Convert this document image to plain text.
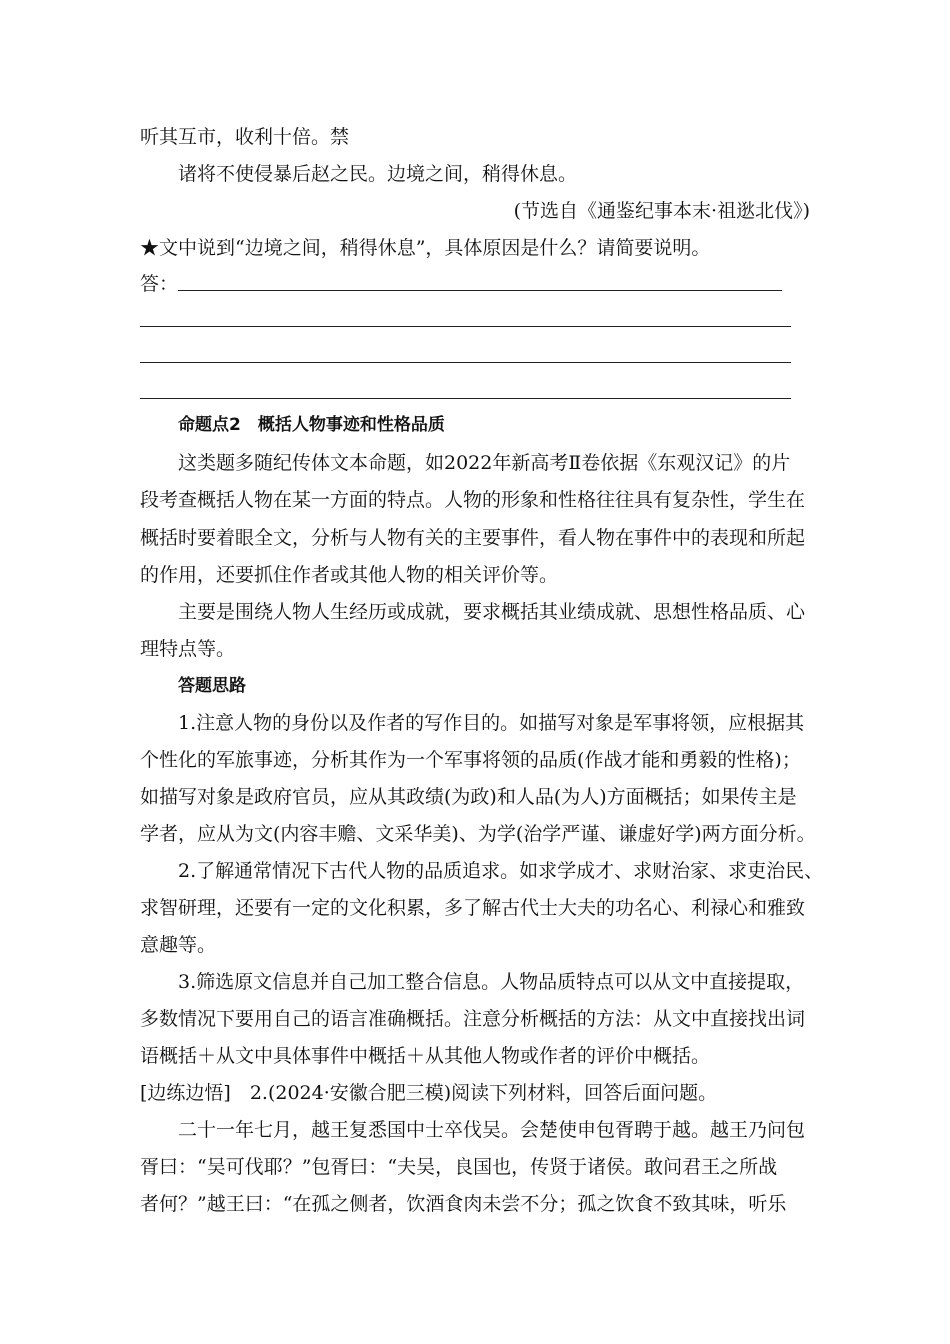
听其互市，收利十倍。禁
诸将不使侵暴后赵之民。边境之间，稍得休息。
(节选自《通鉴纪事本末·祖逖北伐》)
★文中说到“边境之间，稍得休息”，具体原因是什么？请简要说明。
答：
命题点2　概括人物事迹和性格品质
这类题多随纪传体文本命题，如2022年新高考Ⅱ卷依据《东观汉记》的片
段考查概括人物在某一方面的特点。人物的形象和性格往往具有复杂性，学生在
概括时要着眼全文，分析与人物有关的主要事件，看人物在事件中的表现和所起
的作用，还要抓住作者或其他人物的相关评价等。
主要是围绕人物人生经历或成就，要求概括其业绩成就、思想性格品质、心
理特点等。
答题思路
1.注意人物的身份以及作者的写作目的。如描写对象是军事将领，应根据其
个性化的军旅事迹，分析其作为一个军事将领的品质(作战才能和勇毅的性格)；
如描写对象是政府官员，应从其政绩(为政)和人品(为人)方面概括；如果传主是
学者，应从为文(内容丰赡、文采华美)、为学(治学严谨、谦虚好学)两方面分析。
2.了解通常情况下古代人物的品质追求。如求学成才、求财治家、求吏治民、
求智研理，还要有一定的文化积累，多了解古代士大夫的功名心、利禄心和雅致
意趣等。
3.筛选原文信息并自己加工整合信息。人物品质特点可以从文中直接提取，
多数情况下要用自己的语言准确概括。注意分析概括的方法：从文中直接找出词
语概括＋从文中具体事件中概括＋从其他人物或作者的评价中概括。
[边练边悟]　2.(2024·安徽合肥三模)阅读下列材料，回答后面问题。
二十一年七月，越王复悉国中士卒伐吴。会楚使申包胥聘于越。越王乃问包
胥曰：“吴可伐耶？”包胥曰：“夫吴，良国也，传贤于诸侯。敢问君王之所战
者何？”越王曰：“在孤之侧者，饮酒食肉未尝不分；孤之饮食不致其味，听乐
